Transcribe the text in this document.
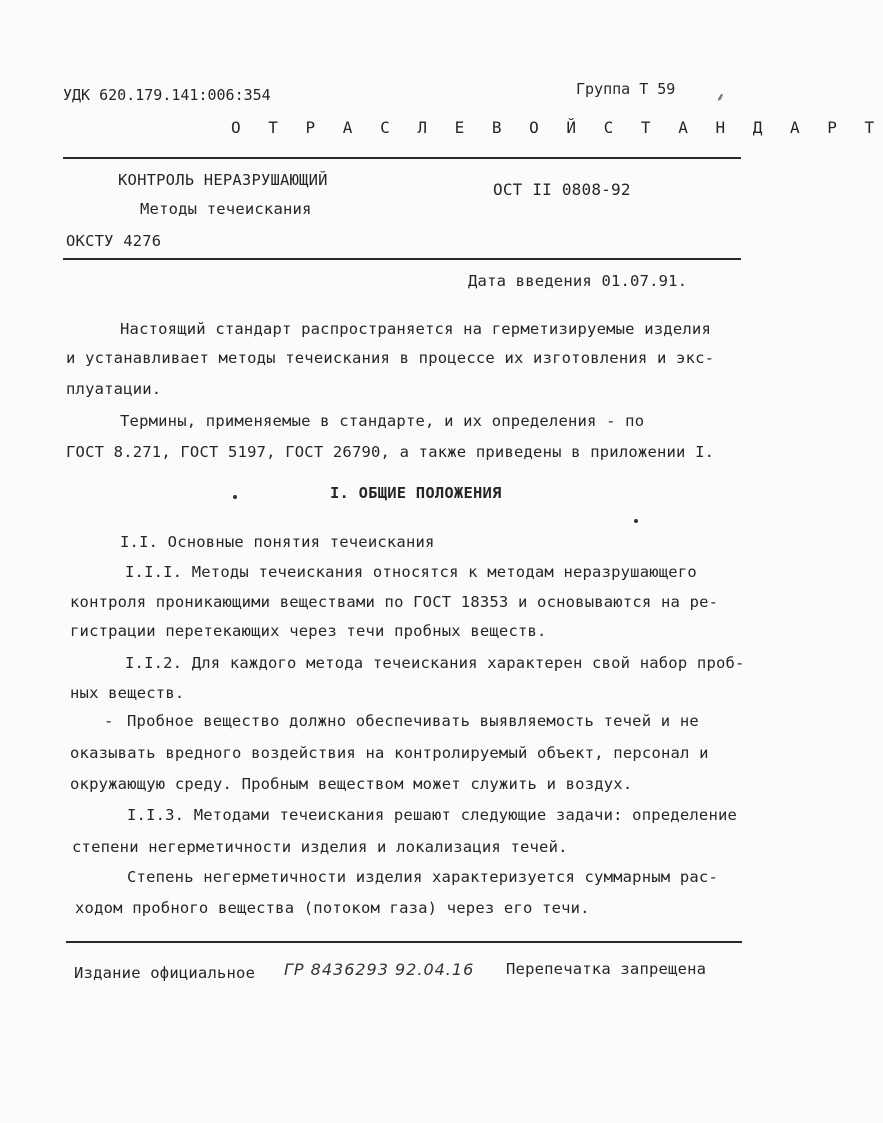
УДК 620.179.141:006:354	Группа Т 59	⸙
О Т Р А С Л Е В О Й С Т А Н Д А Р Т
КОНТРОЛЬ НЕРАЗРУШАЮЩИЙ
Методы течеискания
ОСТ II 0808-92
ОКСТУ 4276
Дата введения 01.07.91.
Настоящий стандарт распространяется на герметизируемые изделия
и устанавливает методы течеискания в процессе их изготовления и экс-
плуатации.
Термины, применяемые в стандарте, и их определения - по
ГОСТ 8.271, ГОСТ 5197, ГОСТ 26790, а также приведены в приложении I.
I. ОБЩИЕ ПОЛОЖЕНИЯ
I.I. Основные понятия течеискания
I.I.I. Методы течеискания относятся к методам неразрушающего
контроля проникающими веществами по ГОСТ 18353 и основываются на ре-
гистрации перетекающих через течи пробных веществ.
I.I.2. Для каждого метода течеискания характерен свой набор проб-
ных веществ.
- Пробное вещество должно обеспечивать выявляемость течей и не
оказывать вредного воздействия на контролируемый объект, персонал и
окружающую среду. Пробным веществом может служить и воздух.
I.I.3. Методами течеискания решают следующие задачи: определение
степени негерметичности изделия и локализация течей.
Степень негерметичности изделия характеризуется суммарным рас-
ходом пробного вещества (потоком газа) через его течи.
Издание официальное ГР 8436293 92.04.16 Перепечатка запрещена
